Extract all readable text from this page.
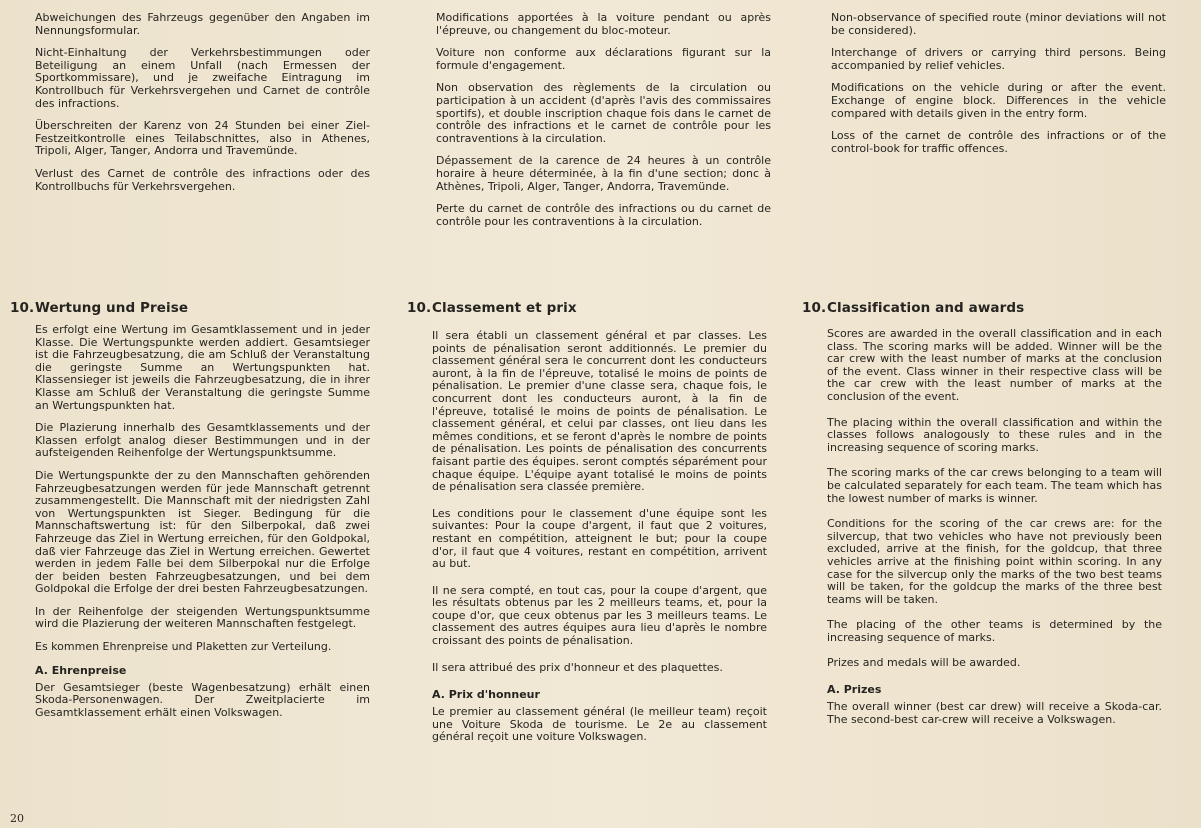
Abweichungen des Fahrzeugs gegenüber den Angaben im Nennungsformular.

Nicht-Einhaltung der Verkehrsbestimmungen oder Beteiligung an einem Unfall (nach Ermessen der Sportkommissare), und je zweifache Eintragung im Kontrollbuch für Verkehrsvergehen und Carnet de contrôle des infractions.

Überschreiten der Karenz von 24 Stunden bei einer Ziel-Festzeitkontrolle eines Teilabschnittes, also in Athenes, Tripoli, Alger, Tanger, Andorra und Travemünde.

Verlust des Carnet de contrôle des infractions oder des Kontrollbuchs für Verkehrsvergehen.

Modifications apportées à la voiture pendant ou après l'épreuve, ou changement du bloc-moteur.

Voiture non conforme aux déclarations figurant sur la formule d'engagement.

Non observation des règlements de la circulation ou participation à un accident (d'après l'avis des commissaires sportifs), et double inscription chaque fois dans le carnet de contrôle des infractions et le carnet de contrôle pour les contraventions à la circulation.

Dépassement de la carence de 24 heures à un contrôle horaire à heure déterminée, à la fin d'une section; donc à Athènes, Tripoli, Alger, Tanger, Andorra, Travemünde.

Perte du carnet de contrôle des infractions ou du carnet de contrôle pour les contraventions à la circulation.

Non-observance of specified route (minor deviations will not be considered).

Interchange of drivers or carrying third persons. Being accompanied by relief vehicles.

Modifications on the vehicle during or after the event. Exchange of engine block. Differences in the vehicle compared with details given in the entry form.

Loss of the carnet de contrôle des infractions or of the control-book for traffic offences.

10. Wertung und Preise

Es erfolgt eine Wertung im Gesamtklassement und in jeder Klasse. Die Wertungspunkte werden addiert. Gesamtsieger ist die Fahrzeugbesatzung, die am Schluß der Veranstaltung die geringste Summe an Wertungspunkten hat. Klassensieger ist jeweils die Fahrzeugbesatzung, die in ihrer Klasse am Schluß der Veranstaltung die geringste Summe an Wertungspunkten hat.

Die Plazierung innerhalb des Gesamtklassements und der Klassen erfolgt analog dieser Bestimmungen und in der aufsteigenden Reihenfolge der Wertungspunktsumme.

Die Wertungspunkte der zu den Mannschaften gehörenden Fahrzeugbesatzungen werden für jede Mannschaft getrennt zusammengestellt. Die Mannschaft mit der niedrigsten Zahl von Wertungspunkten ist Sieger. Bedingung für die Mannschaftswertung ist: für den Silberpokal, daß zwei Fahrzeuge das Ziel in Wertung erreichen, für den Goldpokal, daß vier Fahrzeuge das Ziel in Wertung erreichen. Gewertet werden in jedem Falle bei dem Silberpokal nur die Erfolge der beiden besten Fahrzeugbesatzungen, und bei dem Goldpokal die Erfolge der drei besten Fahrzeugbesatzungen.

In der Reihenfolge der steigenden Wertungspunktsumme wird die Plazierung der weiteren Mannschaften festgelegt.

Es kommen Ehrenpreise und Plaketten zur Verteilung.

A. Ehrenpreise

Der Gesamtsieger (beste Wagenbesatzung) erhält einen Skoda-Personenwagen. Der Zweitplacierte im Gesamtklassement erhält einen Volkswagen.

10. Classement et prix

Il sera établi un classement général et par classes. Les points de pénalisation seront additionnés. Le premier du classement général sera le concurrent dont les conducteurs auront, à la fin de l'épreuve, totalisé le moins de points de pénalisation. Le premier d'une classe sera, chaque fois, le concurrent dont les conducteurs auront, à la fin de l'épreuve, totalisé le moins de points de pénalisation. Le classement général, et celui par classes, ont lieu dans les mêmes conditions, et se feront d'après le nombre de points de pénalisation. Les points de pénalisation des concurrents faisant partie des équipes. seront comptés séparément pour chaque équipe. L'équipe ayant totalisé le moins de points de pénalisation sera classée première.

Les conditions pour le classement d'une équipe sont les suivantes: Pour la coupe d'argent, il faut que 2 voitures, restant en compétition, atteignent le but; pour la coupe d'or, il faut que 4 voitures, restant en compétition, arrivent au but.

Il ne sera compté, en tout cas, pour la coupe d'argent, que les résultats obtenus par les 2 meilleurs teams, et, pour la coupe d'or, que ceux obtenus par les 3 meilleurs teams. Le classement des autres équipes aura lieu d'après le nombre croissant des points de pénalisation.

Il sera attribué des prix d'honneur et des plaquettes.

A. Prix d'honneur

Le premier au classement général (le meilleur team) reçoit une Voiture Skoda de tourisme. Le 2e au classement général reçoit une voiture Volkswagen.

10. Classification and awards

Scores are awarded in the overall classification and in each class. The scoring marks will be added. Winner will be the car crew with the least number of marks at the conclusion of the event. Class winner in their respective class will be the car crew with the least number of marks at the conclusion of the event.

The placing within the overall classification and within the classes follows analogously to these rules and in the increasing sequence of scoring marks.

The scoring marks of the car crews belonging to a team will be calculated separately for each team. The team which has the lowest number of marks is winner.

Conditions for the scoring of the car crews are: for the silvercup, that two vehicles who have not previously been excluded, arrive at the finish, for the goldcup, that three vehicles arrive at the finishing point within scoring. In any case for the silvercup only the marks of the two best teams will be taken, for the goldcup the marks of the three best teams will be taken.

The placing of the other teams is determined by the increasing sequence of marks.

Prizes and medals will be awarded.

A. Prizes

The overall winner (best car drew) will receive a Skoda-car. The second-best car-crew will receive a Volkswagen.

20
